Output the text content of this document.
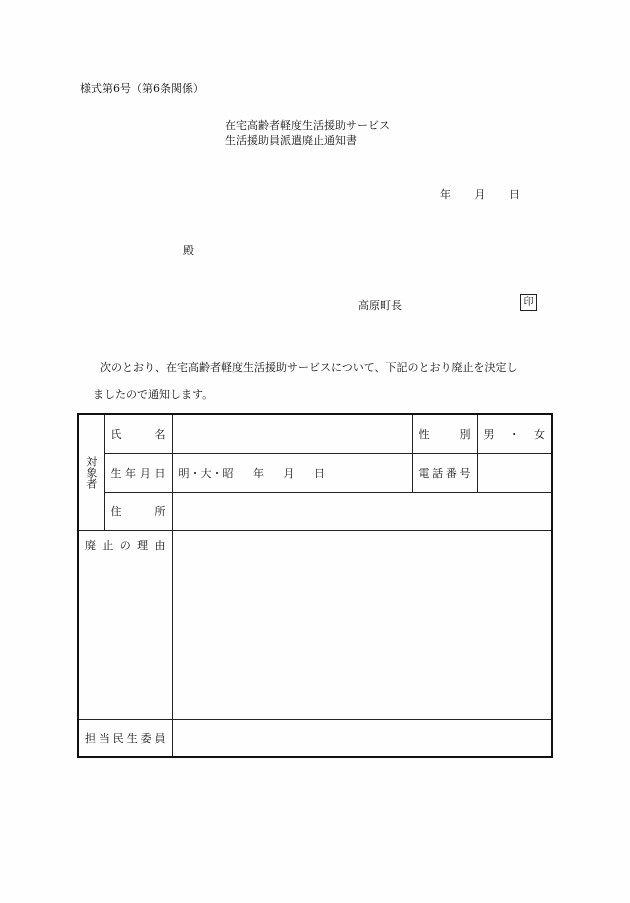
様式第6号（第6条関係）
在宅高齢者軽度生活援助サービス
生活援助員派遣廃止通知書
年 月 日
殿
高原町長	印
次のとおり、在宅高齢者軽度生活援助サービスについて、下記のとおり廃止を決定し
ましたので通知します。
対象者	氏 名		性 別	男 ・ 女

	生年月日	明・大・昭 年 月 日	電話番号	
	住 所			
廃止の理由				
担当民生委員				
